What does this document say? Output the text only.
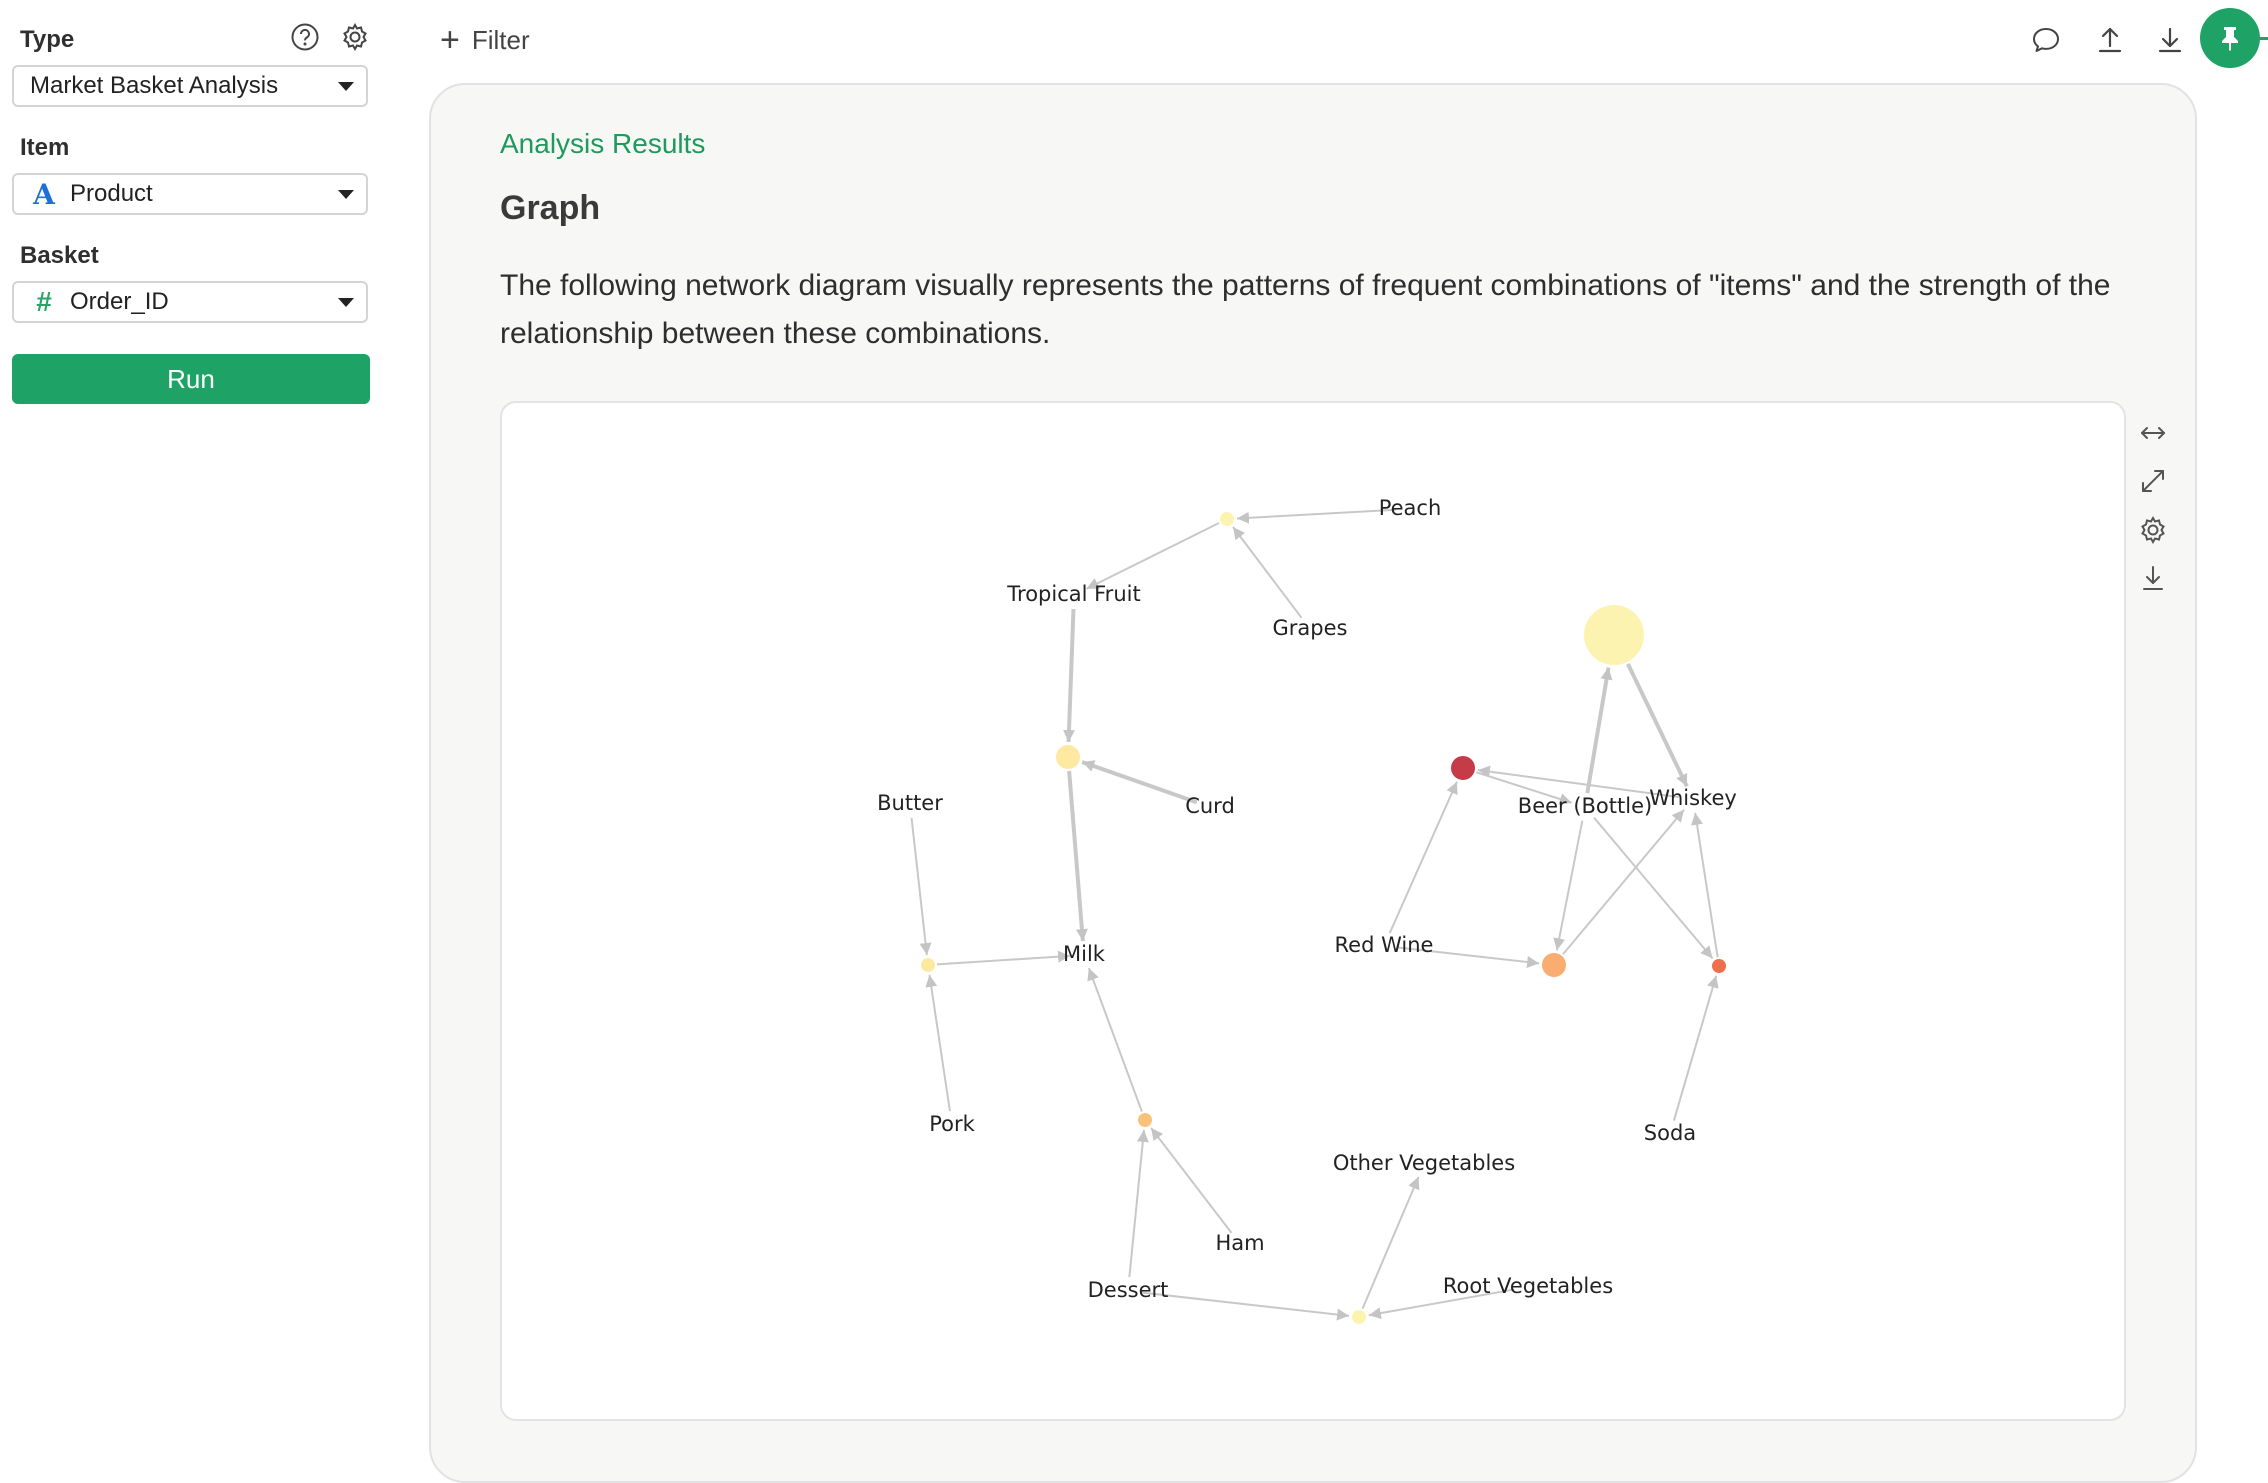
Type
Market Basket Analysis
Item
A Product
Basket
# Order_ID
Run
+ Filter
Analysis Results
Graph
The following network diagram visually represents the patterns of frequent combinations of "items" and the strength of the relationship between these combinations.
Peach
Grapes
Tropical Fruit
Curd
Butter
Milk
Pork
Ham
Dessert
Other Vegetables
Root Vegetables
Beer (Bottle)
Whiskey
Red Wine
Soda
